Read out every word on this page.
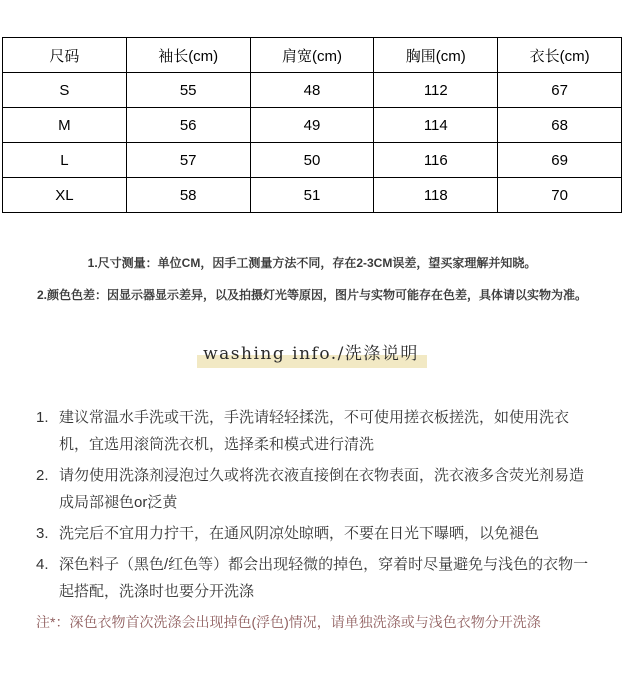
尺码	袖长(cm)	肩宽(cm)	胸围(cm)	衣长(cm)
S	55	48	112	67
M	56	49	114	68
L	57	50	116	69
XL	58	51	118	70

1.尺寸测量：单位CM，因手工测量方法不同，存在2-3CM误差，望买家理解并知晓。

2.颜色色差：因显示器显示差异，以及拍摄灯光等原因，图片与实物可能存在色差，具体请以实物为准。

washing info./洗涤说明
1. 建议常温水手洗或干洗，手洗请轻轻揉洗，不可使用搓衣板搓洗，如使用洗衣机，宜选用滚筒洗衣机，选择柔和模式进行清洗
2. 请勿使用洗涤剂浸泡过久或将洗衣液直接倒在衣物表面，洗衣液多含荧光剂易造成局部褪色or泛黄
3. 洗完后不宜用力拧干，在通风阴凉处晾晒，不要在日光下曝晒，以免褪色
4. 深色料子（黑色/红色等）都会出现轻微的掉色，穿着时尽量避免与浅色的衣物一起搭配，洗涤时也要分开洗涤
注*：深色衣物首次洗涤会出现掉色(浮色)情况，请单独洗涤或与浅色衣物分开洗涤
